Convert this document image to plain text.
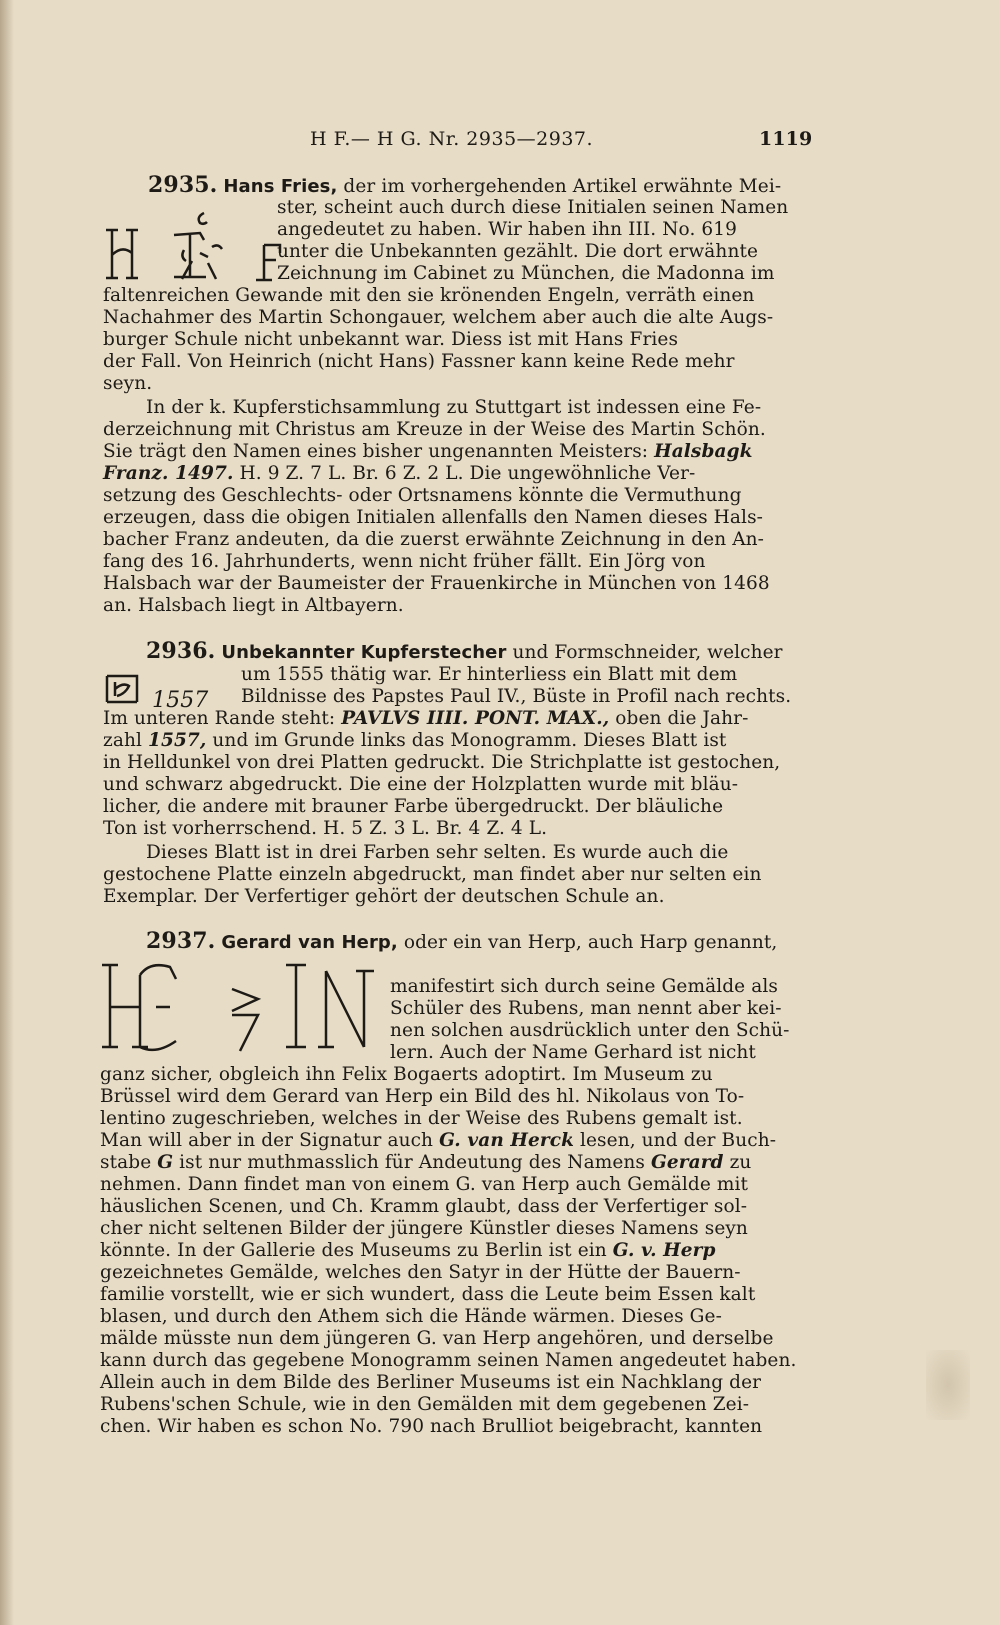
H F.— H G. Nr. 2935—2937.	1119
2935. Hans Fries, der im vorhergehenden Artikel erwähnte Mei-
ster, scheint auch durch diese Initialen seinen Namen
angedeutet zu haben. Wir haben ihn III. No. 619
unter die Unbekannten gezählt. Die dort erwähnte
Zeichnung im Cabinet zu München, die Madonna im
faltenreichen Gewande mit den sie krönenden Engeln, verräth einen
Nachahmer des Martin Schongauer, welchem aber auch die alte Augs-
burger Schule nicht unbekannt war. Diess ist mit Hans Fries
der Fall. Von Heinrich (nicht Hans) Fassner kann keine Rede mehr
seyn.
In der k. Kupferstichsammlung zu Stuttgart ist indessen eine Fe-
derzeichnung mit Christus am Kreuze in der Weise des Martin Schön.
Sie trägt den Namen eines bisher ungenannten Meisters: Halsbagk
Franz. 1497. H. 9 Z. 7 L. Br. 6 Z. 2 L. Die ungewöhnliche Ver-
setzung des Geschlechts- oder Ortsnamens könnte die Vermuthung
erzeugen, dass die obigen Initialen allenfalls den Namen dieses Hals-
bacher Franz andeuten, da die zuerst erwähnte Zeichnung in den An-
fang des 16. Jahrhunderts, wenn nicht früher fällt. Ein Jörg von
Halsbach war der Baumeister der Frauenkirche in München von 1468
an. Halsbach liegt in Altbayern.
2936. Unbekannter Kupferstecher und Formschneider, welcher
1557
um 1555 thätig war. Er hinterliess ein Blatt mit dem
Bildnisse des Papstes Paul IV., Büste in Profil nach rechts.
Im unteren Rande steht: PAVLVS IIII. PONT. MAX., oben die Jahr-
zahl 1557, und im Grunde links das Monogramm. Dieses Blatt ist
in Helldunkel von drei Platten gedruckt. Die Strichplatte ist gestochen,
und schwarz abgedruckt. Die eine der Holzplatten wurde mit bläu-
licher, die andere mit brauner Farbe übergedruckt. Der bläuliche
Ton ist vorherrschend. H. 5 Z. 3 L. Br. 4 Z. 4 L.
Dieses Blatt ist in drei Farben sehr selten. Es wurde auch die
gestochene Platte einzeln abgedruckt, man findet aber nur selten ein
Exemplar. Der Verfertiger gehört der deutschen Schule an.
2937. Gerard van Herp, oder ein van Herp, auch Harp genannt,
manifestirt sich durch seine Gemälde als
Schüler des Rubens, man nennt aber kei-
nen solchen ausdrücklich unter den Schü-
lern. Auch der Name Gerhard ist nicht
ganz sicher, obgleich ihn Felix Bogaerts adoptirt. Im Museum zu
Brüssel wird dem Gerard van Herp ein Bild des hl. Nikolaus von To-
lentino zugeschrieben, welches in der Weise des Rubens gemalt ist.
Man will aber in der Signatur auch G. van Herck lesen, und der Buch-
stabe G ist nur muthmasslich für Andeutung des Namens Gerard zu
nehmen. Dann findet man von einem G. van Herp auch Gemälde mit
häuslichen Scenen, und Ch. Kramm glaubt, dass der Verfertiger sol-
cher nicht seltenen Bilder der jüngere Künstler dieses Namens seyn
könnte. In der Gallerie des Museums zu Berlin ist ein G. v. Herp
gezeichnetes Gemälde, welches den Satyr in der Hütte der Bauern-
familie vorstellt, wie er sich wundert, dass die Leute beim Essen kalt
blasen, und durch den Athem sich die Hände wärmen. Dieses Ge-
mälde müsste nun dem jüngeren G. van Herp angehören, und derselbe
kann durch das gegebene Monogramm seinen Namen angedeutet haben.
Allein auch in dem Bilde des Berliner Museums ist ein Nachklang der
Rubens'schen Schule, wie in den Gemälden mit dem gegebenen Zei-
chen. Wir haben es schon No. 790 nach Brulliot beigebracht, kannten
